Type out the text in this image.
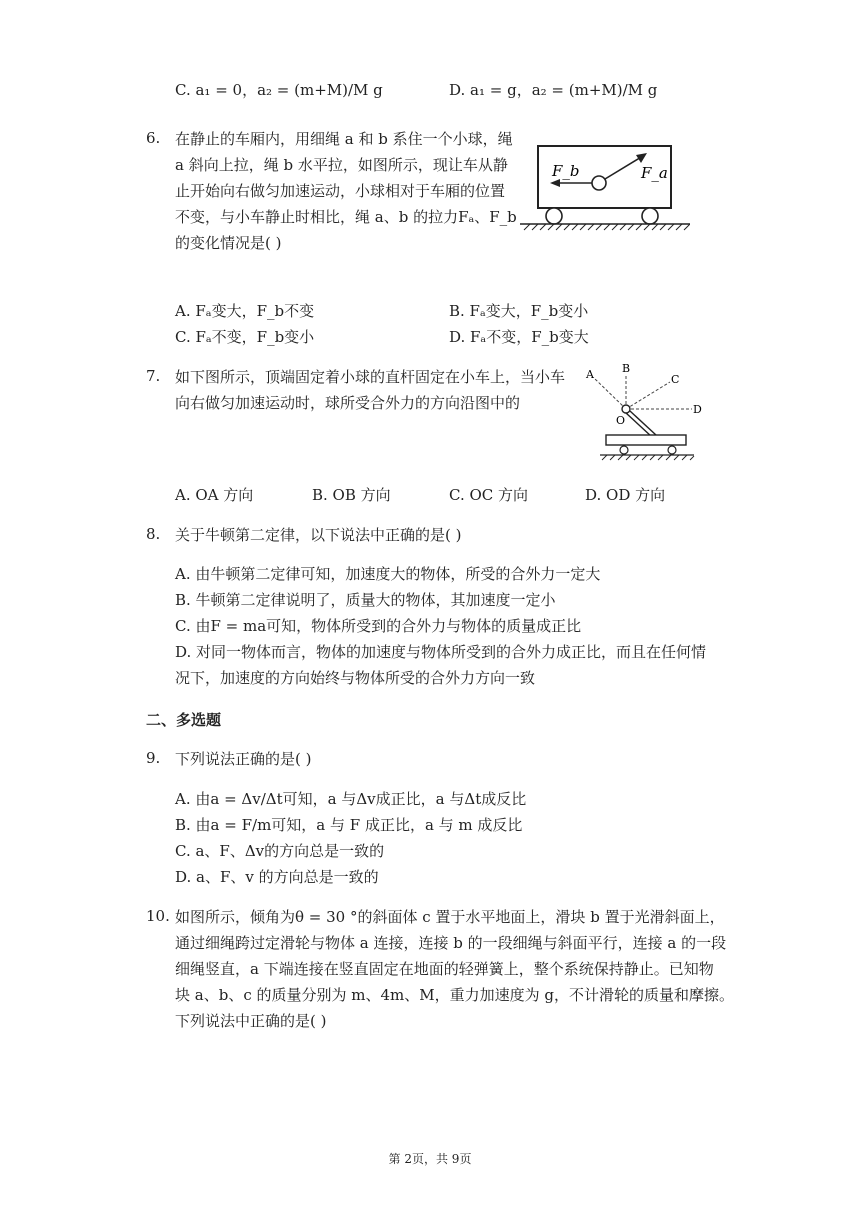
C. a₁ = 0，a₂ = (m+M)/M g	D. a₁ = g，a₂ = (m+M)/M g
6. 在静止的车厢内，用细绳 a 和 b 系住一个小球，绳
a 斜向上拉，绳 b 水平拉，如图所示，现让车从静
止开始向右做匀加速运动，小球相对于车厢的位置
不变，与小车静止时相比，绳 a、b 的拉力Fₐ、F_b
的变化情况是( )
F_b	F_a
A. Fₐ变大，F_b不变	B. Fₐ变大，F_b变小
C. Fₐ不变，F_b变小	D. Fₐ不变，F_b变大
7. 如下图所示，顶端固定着小球的直杆固定在小车上，当小车
向右做匀加速运动时，球所受合外力的方向沿图中的
A	B
C
D
O
A. OA 方向	B. OB 方向	C. OC 方向	D. OD 方向
8. 关于牛顿第二定律，以下说法中正确的是( )
A. 由牛顿第二定律可知，加速度大的物体，所受的合外力一定大
B. 牛顿第二定律说明了，质量大的物体，其加速度一定小
C. 由F = ma可知，物体所受到的合外力与物体的质量成正比
D. 对同一物体而言，物体的加速度与物体所受到的合外力成正比，而且在任何情
况下，加速度的方向始终与物体所受的合外力方向一致
二、多选题
9. 下列说法正确的是( )
A. 由a = Δv/Δt可知，a 与Δv成正比，a 与Δt成反比
B. 由a = F/m可知，a 与 F 成正比，a 与 m 成反比
C. a、F、Δv的方向总是一致的
D. a、F、v 的方向总是一致的
10. 如图所示，倾角为θ = 30 °的斜面体 c 置于水平地面上，滑块 b 置于光滑斜面上，
通过细绳跨过定滑轮与物体 a 连接，连接 b 的一段细绳与斜面平行，连接 a 的一段
细绳竖直，a 下端连接在竖直固定在地面的轻弹簧上，整个系统保持静止。已知物
块 a、b、c 的质量分别为 m、4m、M，重力加速度为 g，不计滑轮的质量和摩擦。
下列说法中正确的是( )
第 2页，共 9页
